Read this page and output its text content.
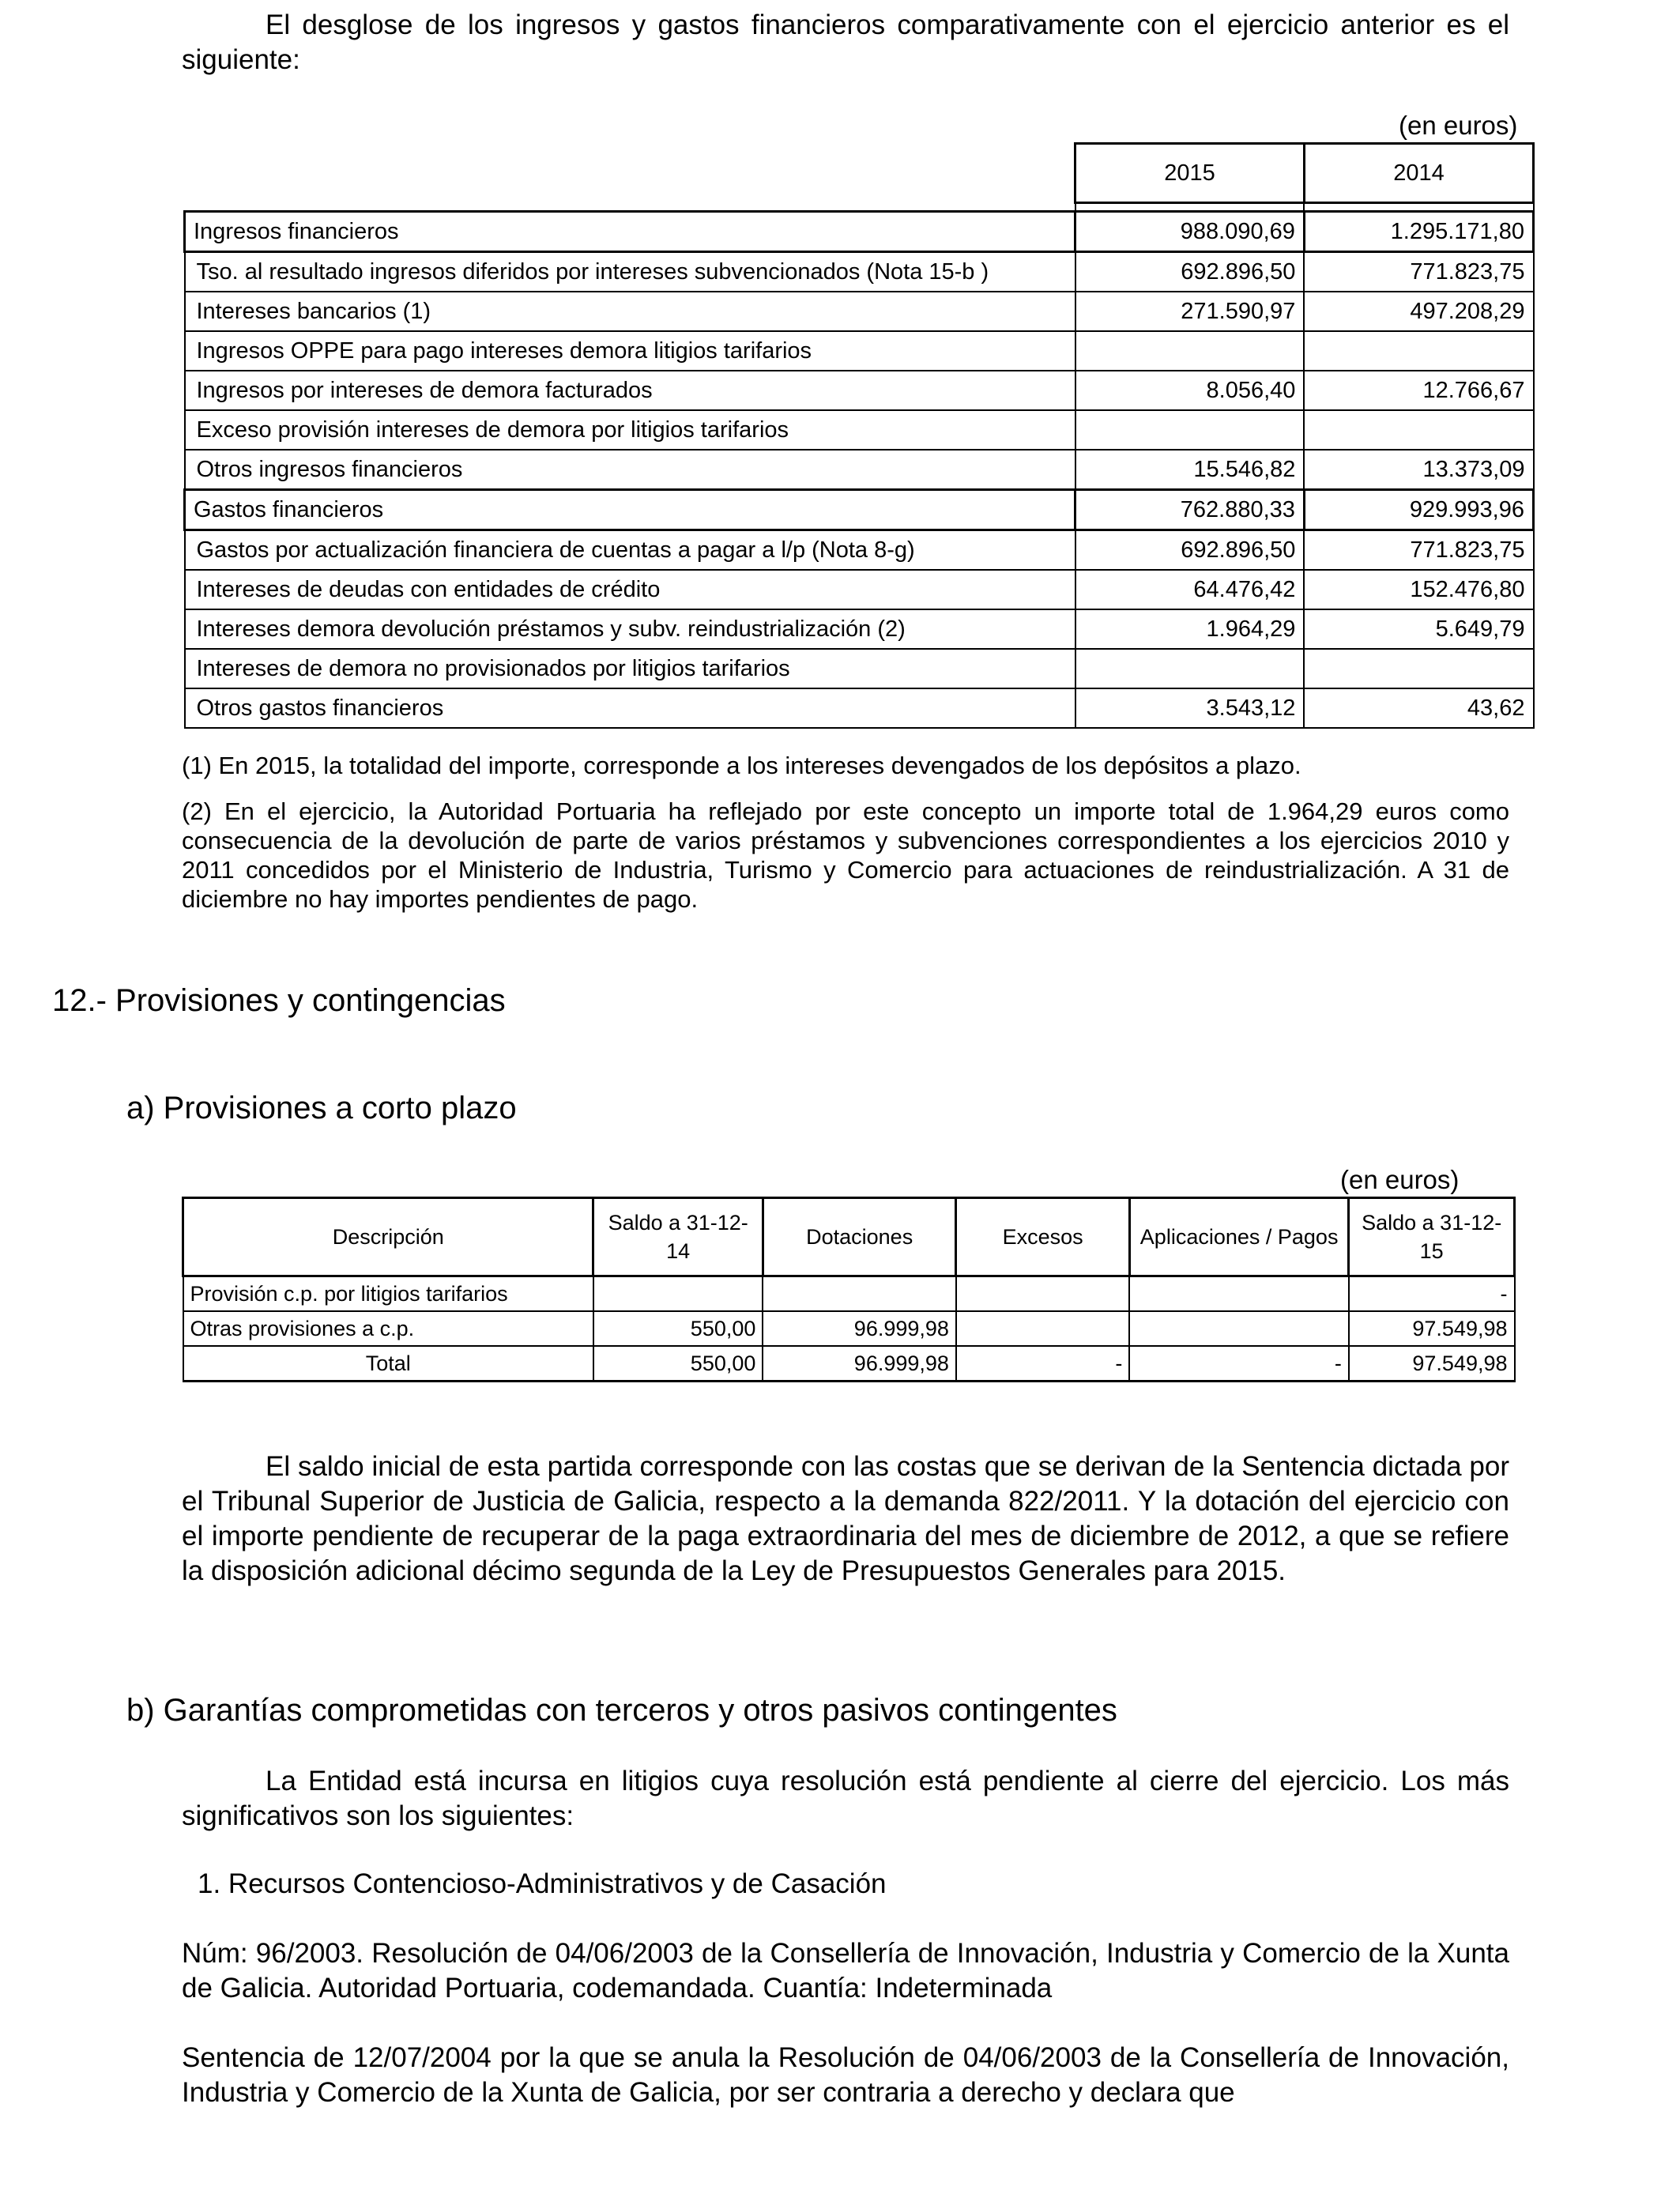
El desglose de los ingresos y gastos financieros comparativamente con el ejercicio anterior es el siguiente:
(en euros)
	2015	2014

Ingresos financieros	988.090,69	1.295.171,80
Tso. al resultado ingresos diferidos por intereses subvencionados (Nota 15-b )	692.896,50	771.823,75
Intereses bancarios (1)	271.590,97	497.208,29
Ingresos OPPE para pago intereses demora litigios tarifarios		
Ingresos por intereses de demora facturados	8.056,40	12.766,67
Exceso provisión intereses de demora por litigios tarifarios		
Otros ingresos financieros	15.546,82	13.373,09
Gastos financieros	762.880,33	929.993,96
Gastos por actualización financiera de cuentas a pagar a l/p (Nota 8-g)	692.896,50	771.823,75
Intereses de deudas con entidades de crédito	64.476,42	152.476,80
Intereses demora devolución préstamos y subv. reindustrialización (2)	1.964,29	5.649,79
Intereses de demora no provisionados por litigios tarifarios		
Otros gastos financieros	3.543,12	43,62
(1) En 2015, la totalidad del importe, corresponde a los intereses devengados de los depósitos a plazo.
(2) En el ejercicio, la Autoridad Portuaria ha reflejado por este concepto un importe total de 1.964,29 euros como consecuencia de la devolución de parte de varios préstamos y subvenciones correspondientes a los ejercicios 2010 y 2011 concedidos por el Ministerio de Industria, Turismo y Comercio para actuaciones de reindustrialización. A 31 de diciembre no hay importes pendientes de pago.
12.- Provisiones y contingencias
a) Provisiones a corto plazo
(en euros)
Descripción	Saldo a 31-12-14	Dotaciones	Excesos	Aplicaciones / Pagos	Saldo a 31-12-15
Provisión c.p. por litigios tarifarios					-
Otras provisiones a c.p.	550,00	96.999,98			97.549,98
Total	550,00	96.999,98	-	-	97.549,98
El saldo inicial de esta partida corresponde con las costas que se derivan de la Sentencia dictada por el Tribunal Superior de Justicia de Galicia, respecto a la demanda 822/2011. Y la dotación del ejercicio con el importe pendiente de recuperar de la paga extraordinaria del mes de diciembre de 2012, a que se refiere la disposición adicional décimo segunda de la Ley de Presupuestos Generales para 2015.
b) Garantías comprometidas con terceros y otros pasivos contingentes
La Entidad está incursa en litigios cuya resolución está pendiente al cierre del ejercicio. Los más significativos son los siguientes:
1. Recursos Contencioso-Administrativos y de Casación
Núm: 96/2003. Resolución de 04/06/2003 de la Consellería de Innovación, Industria y Comercio de la Xunta de Galicia. Autoridad Portuaria, codemandada. Cuantía: Indeterminada
Sentencia de 12/07/2004 por la que se anula la Resolución de 04/06/2003 de la Consellería de Innovación, Industria y Comercio de la Xunta de Galicia, por ser contraria a derecho y declara que
